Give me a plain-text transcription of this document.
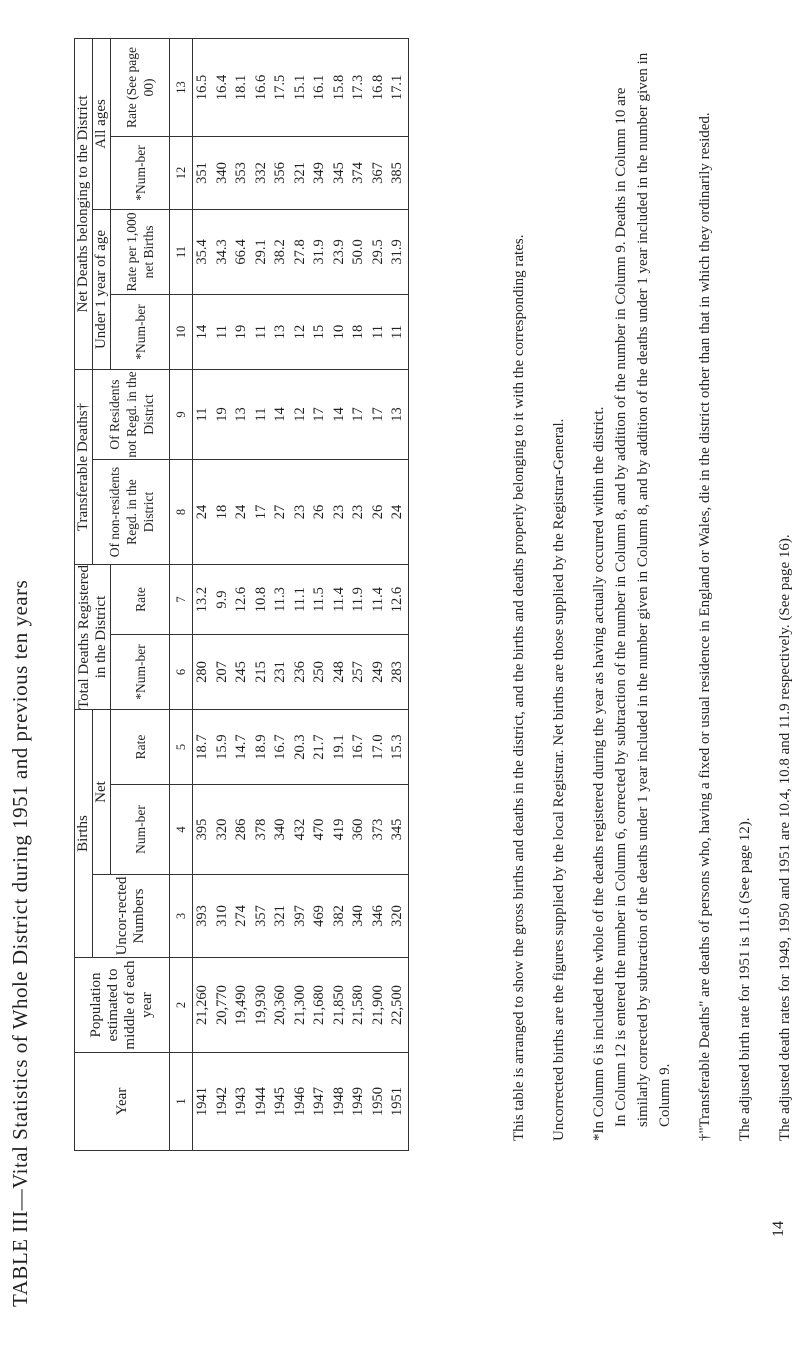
TABLE III—Vital Statistics of Whole District during 1951 and previous ten years	Year	Population estimated to middle of each year	Births			Total Deaths Registered in the District		Transferable Deaths†		Net Deaths belonging to the District			
		Uncor-rected Numbers	Net				Of non-residents Regd. in the District	Of Residents not Regd. in the District	Under 1 year of age		All ages	
			Num-ber	Rate	*Num-ber	Rate			*Num-ber	Rate per 1,000 net Births	*Num-ber	Rate (See page 00)
1	2	3	4	5	6	7	8	9	10	11	12	13
1941	21,260	393	395	18.7	280	13.2	24	11	14	35.4	351	16.5
1942	20,770	310	320	15.9	207	9.9	18	19	11	34.3	340	16.4
1943	19,490	274	286	14.7	245	12.6	24	13	19	66.4	353	18.1
1944	19,930	357	378	18.9	215	10.8	17	11	11	29.1	332	16.6
1945	20,360	321	340	16.7	231	11.3	27	14	13	38.2	356	17.5
1946	21,300	397	432	20.3	236	11.1	23	12	12	27.8	321	15.1
1947	21,680	469	470	21.7	250	11.5	26	17	15	31.9	349	16.1
1948	21,850	382	419	19.1	248	11.4	23	14	10	23.9	345	15.8
1949	21,580	340	360	16.7	257	11.9	23	17	18	50.0	374	17.3
1950	21,900	346	373	17.0	249	11.4	26	17	11	29.5	367	16.8
1951	22,500	320	345	15.3	283	12.6	24	13	11	31.9	385	17.1

This table is arranged to show the gross births and deaths in the district, and the births and deaths properly belonging to it with the corresponding rates. Uncorrected births are the figures supplied by the local Registrar. Net births are those supplied by the Registrar-General. *In Column 6 is included the whole of the deaths registered during the year as having actually occurred within the district. In Column 12 is entered the number in Column 6, corrected by subtraction of the number in Column 8, and by addition of the number in Column 9. Deaths in Column 10 are similarly corrected by subtraction of the deaths under 1 year included in the number given in Column 8, and by addition of the deaths under 1 year included in the number given in Column 9. †"Transferable Deaths" are deaths of persons who, having a fixed or usual residence in England or Wales, die in the district other than that in which they ordinarily resided. The adjusted birth rate for 1951 is 11.6 (See page 12). The adjusted death rates for 1949, 1950 and 1951 are 10.4, 10.8 and 11.9 respectively. (See page 16).

14
